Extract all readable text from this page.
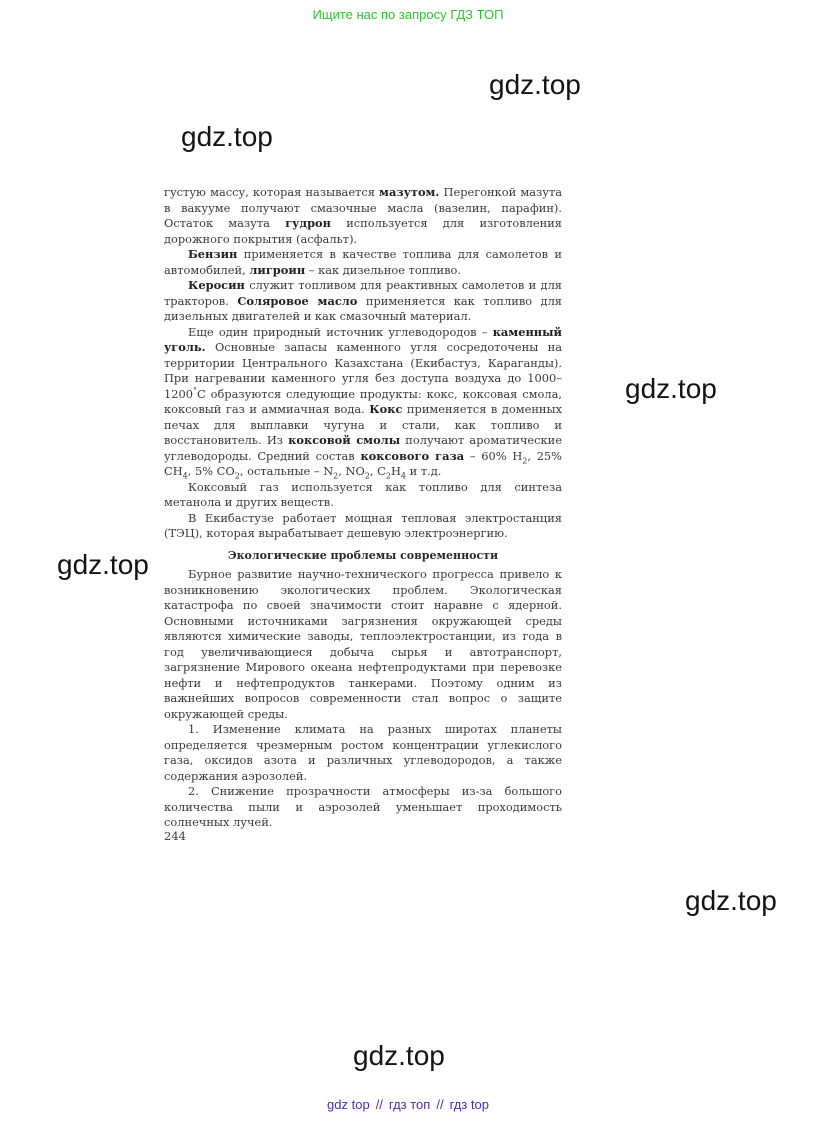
Ищите нас по запросу ГДЗ ТОП
gdz.top
gdz.top
gdz.top
gdz.top
gdz.top
gdz.top

густую массу, которая называется мазутом. Перегонкой мазута в вакууме получают смазочные масла (вазелин, парафин). Остаток мазута гудрон используется для изготовления дорожного покрытия (асфальт).

Бензин применяется в качестве топлива для самолетов и автомобилей, лигроин – как дизельное топливо.

Керосин служит топливом для реактивных самолетов и для тракторов. Соляровое масло применяется как топливо для дизельных двигателей и как смазочный материал.

Еще один природный источник углеводородов – каменный уголь. Основные запасы каменного угля сосредоточены на территории Центрального Казахстана (Екибастуз, Караганды). При нагревании каменного угля без доступа воздуха до 1000–1200°С образуются следующие продукты: кокс, коксовая смола, коксовый газ и аммиачная вода. Кокс применяется в доменных печах для выплавки чугуна и стали, как топливо и восстановитель. Из коксовой смолы получают ароматические углеводороды. Средний состав коксового газа – 60% $H_2$, 25% $CH_4$, 5% $CO_2$, остальные – $N_2$, $NO_2$, $C_2H_4$ и т.д.

Коксовый газ используется как топливо для синтеза метанола и других веществ.

В Екибастузе работает мощная тепловая электростанция (ТЭЦ), которая вырабатывает дешевую электроэнергию.

Экологические проблемы современности

Бурное развитие научно-технического прогресса привело к возникновению экологических проблем. Экологическая катастрофа по своей значимости стоит наравне с ядерной. Основными источниками загрязнения окружающей среды являются химические заводы, теплоэлектростанции, из года в год увеличивающиеся добыча сырья и автотранспорт, загрязнение Мирового океана нефтепродуктами при перевозке нефти и нефтепродуктов танкерами. Поэтому одним из важнейших вопросов современности стал вопрос о защите окружающей среды.

1. Изменение климата на разных широтах планеты определяется чрезмерным ростом концентрации углекислого газа, оксидов азота и различных углеводородов, а также содержания аэрозолей.

2. Снижение прозрачности атмосферы из-за большого количества пыли и аэрозолей уменьшает проходимость солнечных лучей.

244
gdz top // гдз топ // гдз top
